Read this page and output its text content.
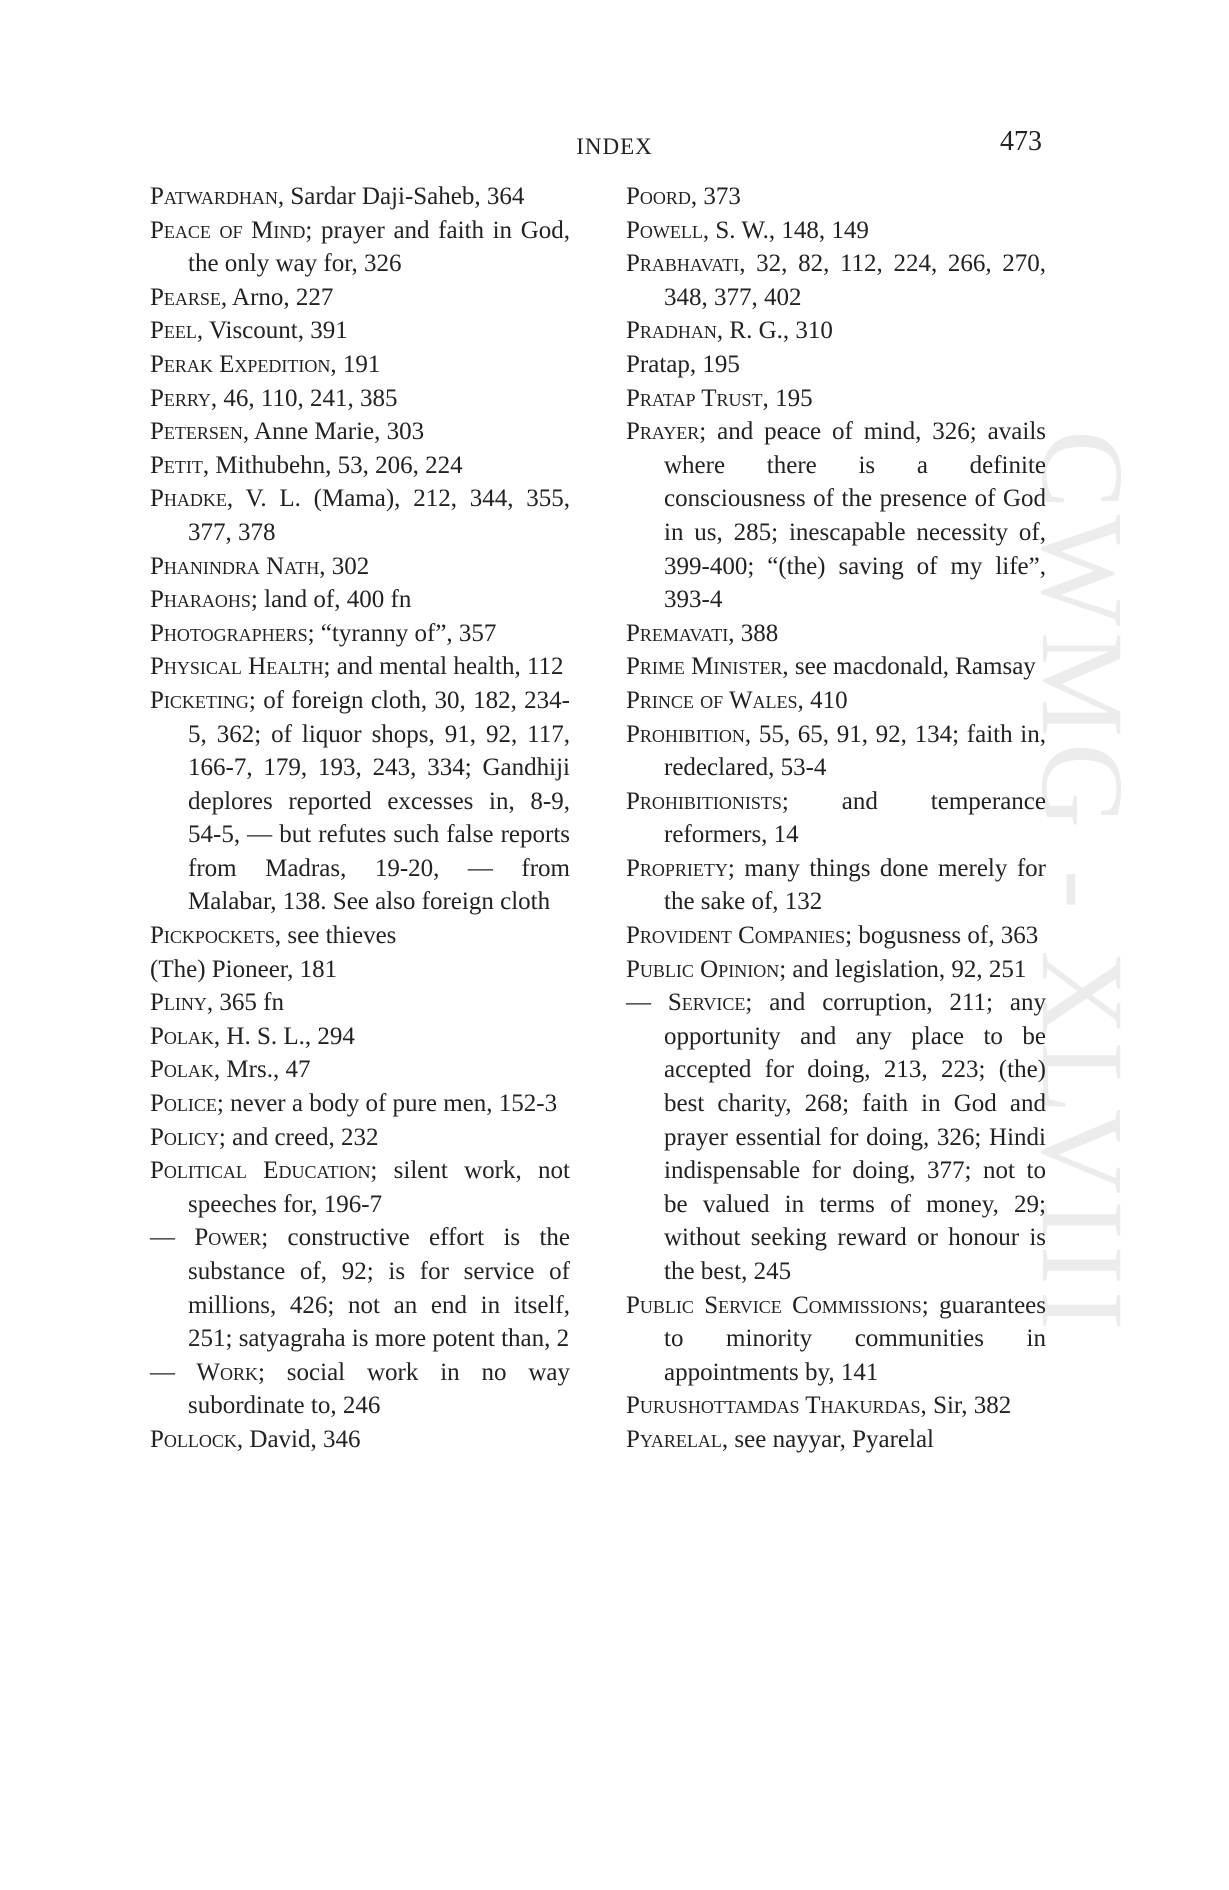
INDEX	473
CWMG - XLVIII
Patwardhan, Sardar Daji-Saheb, 364
Peace of Mind; prayer and faith in God, the only way for, 326
Pearse, Arno, 227
Peel, Viscount, 391
Perak Expedition, 191
Perry, 46, 110, 241, 385
Petersen, Anne Marie, 303
Petit, Mithubehn, 53, 206, 224
Phadke, V. L. (Mama), 212, 344, 355, 377, 378
Phanindra Nath, 302
Pharaohs; land of, 400 fn
Photographers; “tyranny of”, 357
Physical Health; and mental health, 112
Picketing; of foreign cloth, 30, 182, 234-5, 362; of liquor shops, 91, 92, 117, 166-7, 179, 193, 243, 334; Gandhiji deplores reported excesses in, 8-9, 54-5, — but refutes such false reports from Madras, 19-20, — from Malabar, 138. See also foreign cloth
Pickpockets, see thieves
(The) Pioneer, 181
Pliny, 365 fn
Polak, H. S. L., 294
Polak, Mrs., 47
Police; never a body of pure men, 152-3
Policy; and creed, 232
Political Education; silent work, not speeches for, 196-7
— Power; constructive effort is the substance of, 92; is for service of millions, 426; not an end in itself, 251; satyagraha is more potent than, 2
— Work; social work in no way subordinate to, 246
Pollock, David, 346
Poord, 373
Powell, S. W., 148, 149
Prabhavati, 32, 82, 112, 224, 266, 270, 348, 377, 402
Pradhan, R. G., 310
Pratap, 195
Pratap Trust, 195
Prayer; and peace of mind, 326; avails where there is a definite consciousness of the presence of God in us, 285; inescapable necessity of, 399-400; “(the) saving of my life”, 393-4
Premavati, 388
Prime Minister, see macdonald, Ramsay
Prince of Wales, 410
Prohibition, 55, 65, 91, 92, 134; faith in, redeclared, 53-4
Prohibitionists; and temperance reformers, 14
Propriety; many things done merely for the sake of, 132
Provident Companies; bogusness of, 363
Public Opinion; and legislation, 92, 251
— Service; and corruption, 211; any opportunity and any place to be accepted for doing, 213, 223; (the) best charity, 268; faith in God and prayer essential for doing, 326; Hindi indispensable for doing, 377; not to be valued in terms of money, 29; without seeking reward or honour is the best, 245
Public Service Commissions; guarantees to minority communities in appointments by, 141
Purushottamdas Thakurdas, Sir, 382
Pyarelal, see nayyar, Pyarelal
